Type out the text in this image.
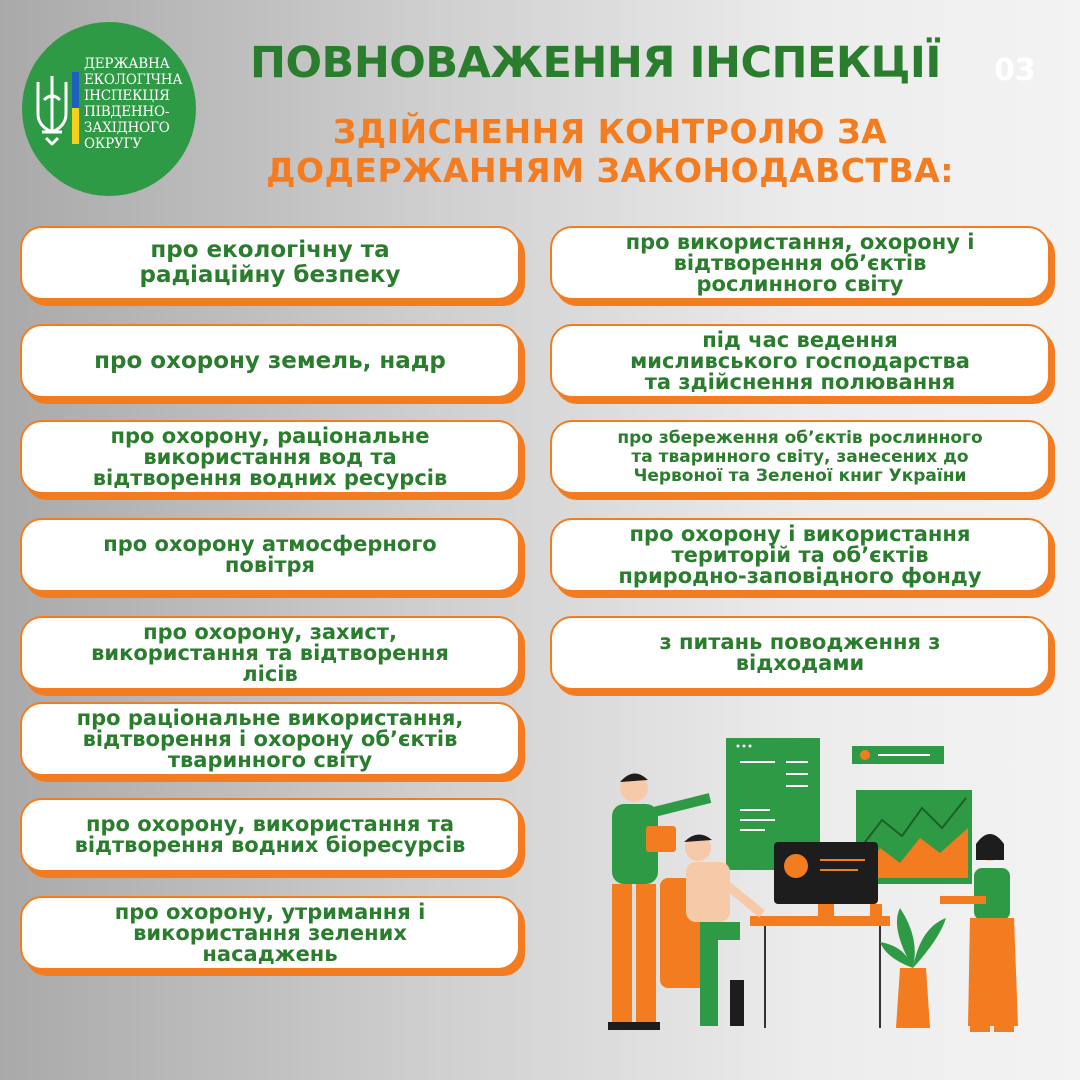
ДЕРЖАВНА
ЕКОЛОГІЧНА
ІНСПЕКЦІЯ
ПІВДЕННО-
ЗАХІДНОГО
ОКРУГУ
ПОВНОВАЖЕННЯ ІНСПЕКЦІЇ	03
ЗДІЙСНЕННЯ КОНТРОЛЮ ЗА
ДОДЕРЖАННЯМ ЗАКОНОДАВСТВА:
про екологічну та
радіаційну безпеку
про охорону земель, надр
про охорону, раціональне
використання вод та
відтворення водних ресурсів
про охорону атмосферного
повітря
про охорону, захист,
використання та відтворення
лісів
про раціональне використання,
відтворення і охорону об’єктів
тваринного світу
про охорону, використання та
відтворення водних біоресурсів
про охорону, утримання і
використання зелених
насаджень
про використання, охорону і
відтворення об’єктів
рослинного світу
під час ведення
мисливського господарства
та здійснення полювання
про збереження об’єктів рослинного
та тваринного світу, занесених до
Червоної та Зеленої книг України
про охорону і використання
територій та об’єктів
природно-заповідного фонду
з питань поводження з
відходами
